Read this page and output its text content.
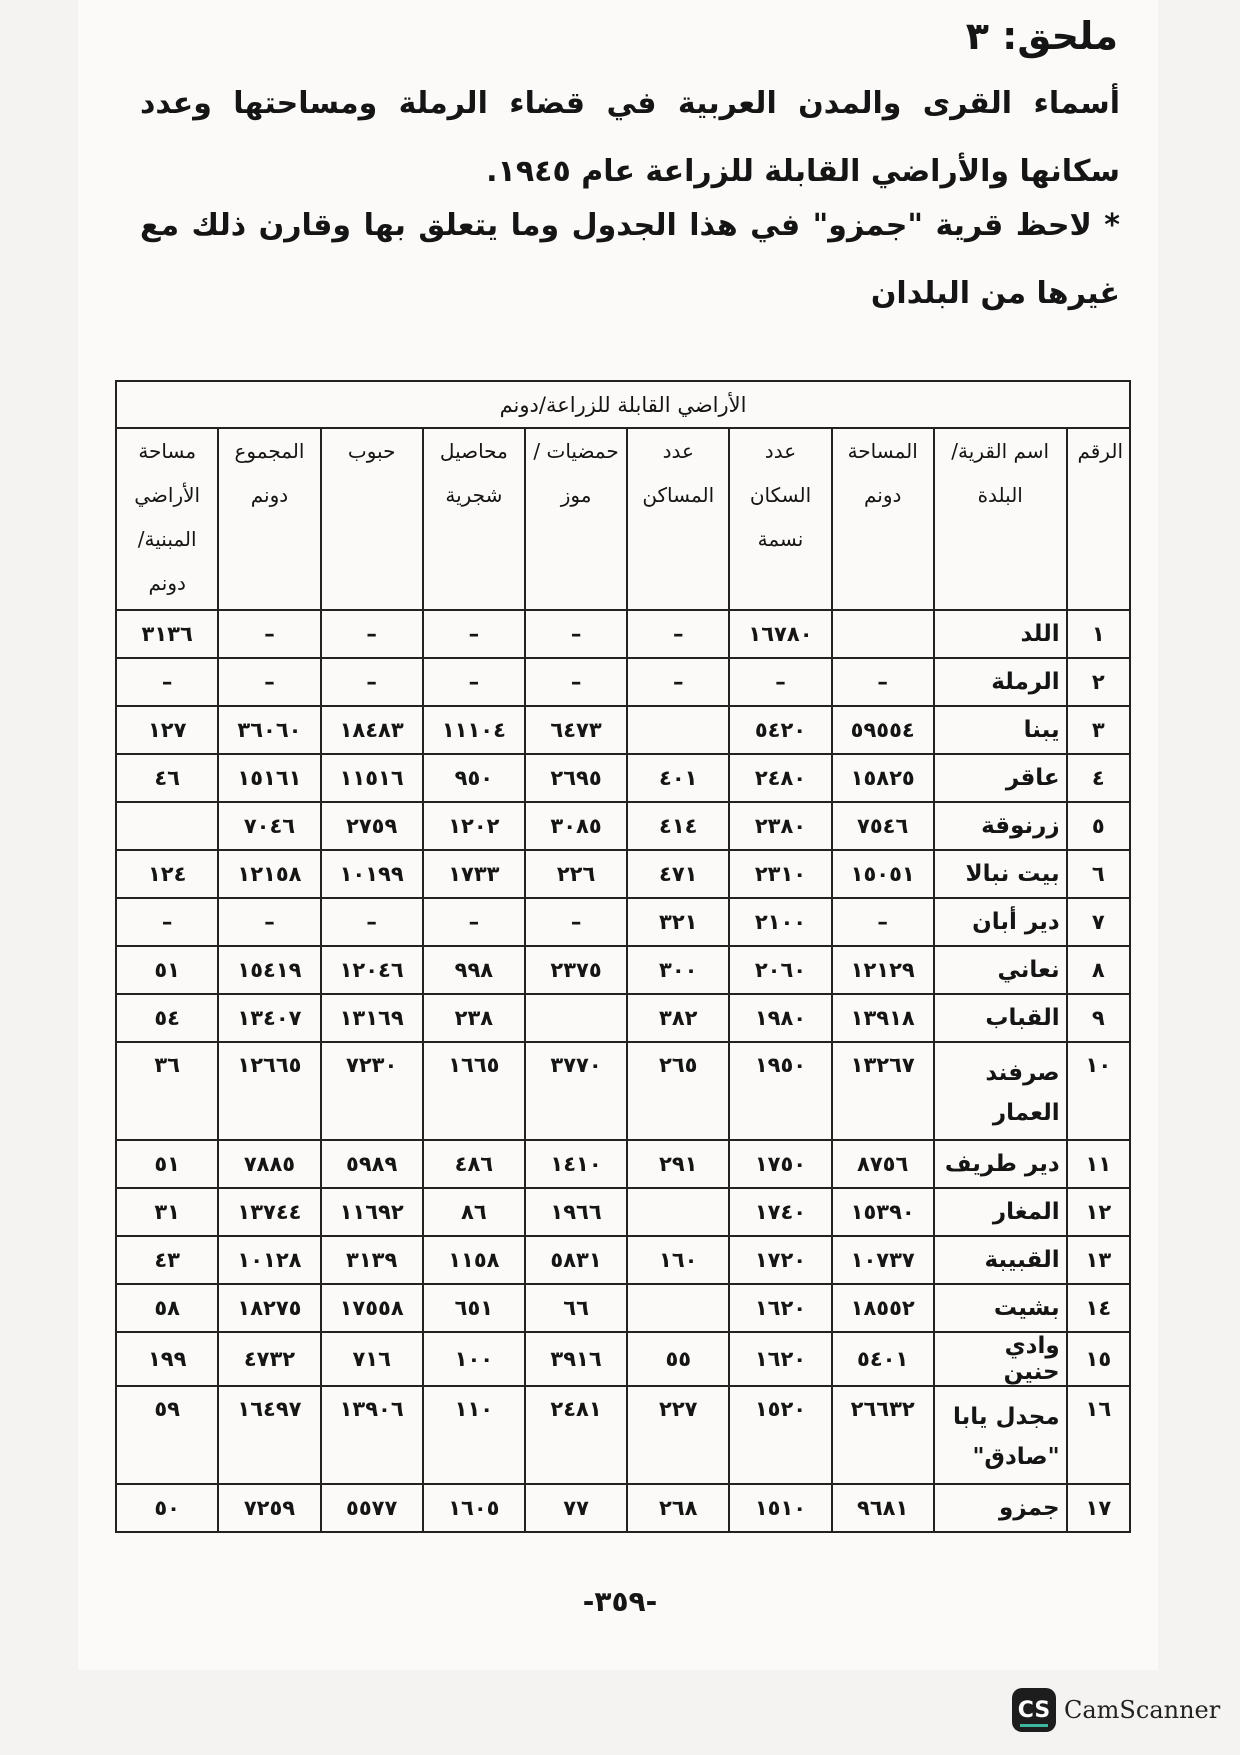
ملحق: ٣
أسماء القرى والمدن العربية في قضاء الرملة ومساحتها وعدد سكانها والأراضي القابلة للزراعة عام ١٩٤٥.
* لاحظ قرية "جمزو" في هذا الجدول وما يتعلق بها وقارن ذلك مع غيرها من البلدان
الأراضي القابلة للزراعة/دونم									
الرقم	اسم القرية/البلدة	المساحة دونم	عدد السكان نسمة	عدد المساكن	حمضيات /موز	محاصيل شجرية	حبوب	المجموع دونم	مساحة الأراضي المبنية/ دونم
١	اللد		١٦٧٨٠	–	–	–	–	–	٣١٣٦
٢	الرملة	–	–	–	–	–	–	–	–
٣	يبنا	٥٩٥٥٤	٥٤٢٠		٦٤٧٣	١١١٠٤	١٨٤٨٣	٣٦٠٦٠	١٢٧
٤	عاقر	١٥٨٢٥	٢٤٨٠	٤٠١	٢٦٩٥	٩٥٠	١١٥١٦	١٥١٦١	٤٦
٥	زرنوقة	٧٥٤٦	٢٣٨٠	٤١٤	٣٠٨٥	١٢٠٢	٢٧٥٩	٧٠٤٦	
٦	بيت نبالا	١٥٠٥١	٢٣١٠	٤٧١	٢٢٦	١٧٣٣	١٠١٩٩	١٢١٥٨	١٢٤
٧	دير أبان	–	٢١٠٠	٣٢١	–	–	–	–	–
٨	نعاني	١٢١٢٩	٢٠٦٠	٣٠٠	٢٣٧٥	٩٩٨	١٢٠٤٦	١٥٤١٩	٥١
٩	القباب	١٣٩١٨	١٩٨٠	٣٨٢		٢٣٨	١٣١٦٩	١٣٤٠٧	٥٤
١٠	صرفند العمار	١٣٢٦٧	١٩٥٠	٢٦٥	٣٧٧٠	١٦٦٥	٧٢٣٠	١٢٦٦٥	٣٦
١١	دير طريف	٨٧٥٦	١٧٥٠	٢٩١	١٤١٠	٤٨٦	٥٩٨٩	٧٨٨٥	٥١
١٢	المغار	١٥٣٩٠	١٧٤٠		١٩٦٦	٨٦	١١٦٩٢	١٣٧٤٤	٣١
١٣	القبيبة	١٠٧٣٧	١٧٢٠	١٦٠	٥٨٣١	١١٥٨	٣١٣٩	١٠١٢٨	٤٣
١٤	بشيت	١٨٥٥٢	١٦٢٠		٦٦	٦٥١	١٧٥٥٨	١٨٢٧٥	٥٨
١٥	وادي حنين	٥٤٠١	١٦٢٠	٥٥	٣٩١٦	١٠٠	٧١٦	٤٧٣٢	١٩٩
١٦	مجدل يابا "صادق"	٢٦٦٣٢	١٥٢٠	٢٢٧	٢٤٨١	١١٠	١٣٩٠٦	١٦٤٩٧	٥٩
١٧	جمزو	٩٦٨١	١٥١٠	٢٦٨	٧٧	١٦٠٥	٥٥٧٧	٧٢٥٩	٥٠
-٣٥٩-
CS CamScanner
